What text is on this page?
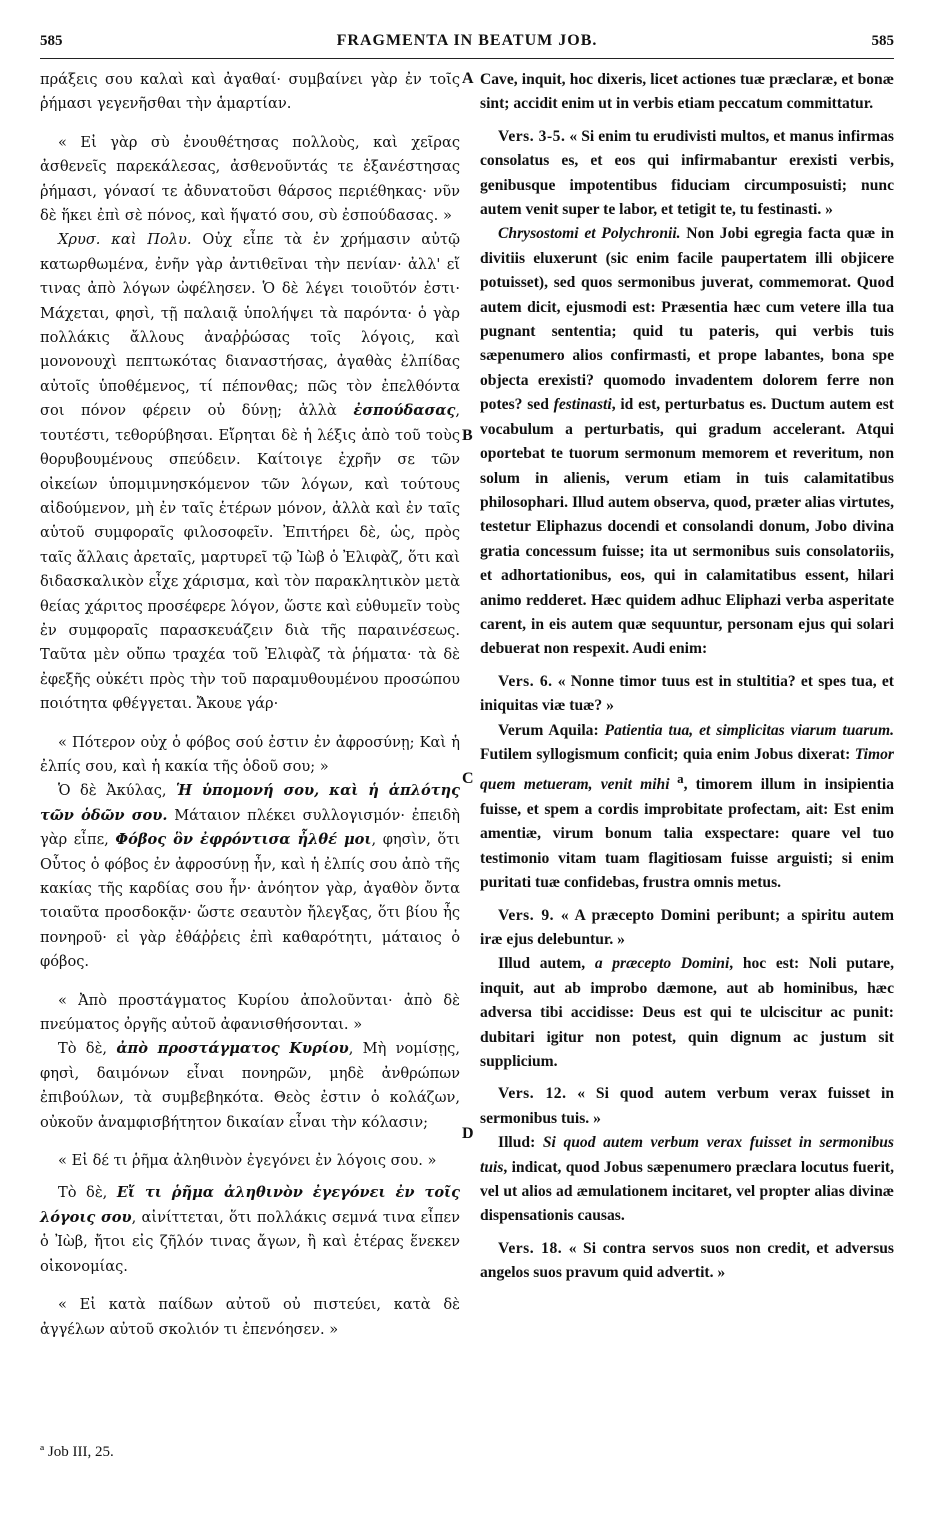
585	FRAGMENTA IN BEATUM JOB.	585
A
B
C
D

πράξεις σου καλαὶ καὶ ἀγαθαί· συμβαίνει γὰρ ἐν τοῖς ῥήμασι γεγενῆσθαι τὴν ἁμαρτίαν.

« Εἰ γὰρ σὺ ἐνουθέτησας πολλοὺς, καὶ χεῖρας ἀσθενεῖς παρεκάλεσας, ἀσθενοῦντάς τε ἐξανέστησας ῥήμασι, γόνασί τε ἀδυνατοῦσι θάρσος περιέθηκας· νῦν δὲ ἥκει ἐπὶ σὲ πόνος, καὶ ἥψατό σου, σὺ ἐσπούδασας. »

Χρυσ. καὶ Πολυ. Οὐχ εἶπε τὰ ἐν χρήμασιν αὐτῷ κατωρθωμένα, ἐνῆν γὰρ ἀντιθεῖναι τὴν πενίαν· ἀλλ' εἴ τινας ἀπὸ λόγων ὠφέλησεν. Ὁ δὲ λέγει τοιοῦτόν ἐστι· Μάχεται, φησὶ, τῇ παλαιᾷ ὑπολήψει τὰ παρόντα· ὁ γὰρ πολλάκις ἄλλους ἀναῤῥώσας τοῖς λόγοις, καὶ μονονουχὶ πεπτωκότας διαναστήσας, ἀγαθὰς ἐλπίδας αὐτοῖς ὑποθέμενος, τί πέπονθας; πῶς τὸν ἐπελθόντα σοι πόνον φέρειν οὐ δύνῃ; ἀλλὰ ἐσπούδασας, τουτέστι, τεθορύβησαι. Εἴρηται δὲ ἡ λέξις ἀπὸ τοῦ τοὺς θορυβουμένους σπεύδειν. Καίτοιγε ἐχρῆν σε τῶν οἰκείων ὑπομιμνησκόμενον τῶν λόγων, καὶ τούτους αἰδούμενον, μὴ ἐν ταῖς ἑτέρων μόνον, ἀλλὰ καὶ ἐν ταῖς αὑτοῦ συμφοραῖς φιλοσοφεῖν. Ἐπιτήρει δὲ, ὡς, πρὸς ταῖς ἄλλαις ἀρεταῖς, μαρτυρεῖ τῷ Ἰὼβ ὁ Ἐλιφὰζ, ὅτι καὶ διδασκαλικὸν εἶχε χάρισμα, καὶ τὸν παρακλητικὸν μετὰ θείας χάριτος προσέφερε λόγον, ὥστε καὶ εὐθυμεῖν τοὺς ἐν συμφοραῖς παρασκευάζειν διὰ τῆς παραινέσεως. Ταῦτα μὲν οὔπω τραχέα τοῦ Ἐλιφὰζ τὰ ῥήματα· τὰ δὲ ἐφεξῆς οὐκέτι πρὸς τὴν τοῦ παραμυθουμένου προσώπου ποιότητα φθέγγεται. Ἄκουε γάρ·

« Πότερον οὐχ ὁ φόβος σού ἐστιν ἐν ἀφροσύνῃ; Καὶ ἡ ἐλπίς σου, καὶ ἡ κακία τῆς ὁδοῦ σου; »

Ὁ δὲ Ἀκύλας, Ἡ ὑπομονή σου, καὶ ἡ ἁπλότης τῶν ὁδῶν σου. Μάταιον πλέκει συλλογισμόν· ἐπειδὴ γὰρ εἶπε, Φόβος ὃν ἐφρόντισα ἦλθέ μοι, φησὶν, ὅτι Οὗτος ὁ φόβος ἐν ἀφροσύνῃ ἦν, καὶ ἡ ἐλπίς σου ἀπὸ τῆς κακίας τῆς καρδίας σου ἦν· ἀνόητον γὰρ, ἀγαθὸν ὄντα τοιαῦτα προσδοκᾷν· ὥστε σεαυτὸν ἤλεγξας, ὅτι βίου ἦς πονηροῦ· εἰ γὰρ ἐθάῤῥεις ἐπὶ καθαρότητι, μάταιος ὁ φόβος.

« Ἀπὸ προστάγματος Κυρίου ἀπολοῦνται· ἀπὸ δὲ πνεύματος ὀργῆς αὐτοῦ ἀφανισθήσονται. »

Τὸ δὲ, ἀπὸ προστάγματος Κυρίου, Μὴ νομίσῃς, φησὶ, δαιμόνων εἶναι πονηρῶν, μηδὲ ἀνθρώπων ἐπιβούλων, τὰ συμβεβηκότα. Θεὸς ἐστιν ὁ κολάζων, οὐκοῦν ἀναμφισβήτητον δικαίαν εἶναι τὴν κόλασιν;

« Εἰ δέ τι ῥῆμα ἀληθινὸν ἐγεγόνει ἐν λόγοις σου. »

Τὸ δὲ, Εἴ τι ῥῆμα ἀληθινὸν ἐγεγόνει ἐν τοῖς λόγοις σου, αἰνίττεται, ὅτι πολλάκις σεμνά τινα εἶπεν ὁ Ἰὼβ, ἤτοι εἰς ζῆλόν τινας ἄγων, ἢ καὶ ἑτέρας ἕνεκεν οἰκονομίας.

« Εἰ κατὰ παίδων αὐτοῦ οὐ πιστεύει, κατὰ δὲ ἀγγέλων αὐτοῦ σκολιόν τι ἐπενόησεν. »

Cave, inquit, hoc dixeris, licet actiones tuæ præclaræ, et bonæ sint; accidit enim ut in verbis etiam peccatum committatur.

Vers. 3-5. « Si enim tu erudivisti multos, et manus infirmas consolatus es, et eos qui infirmabantur erexisti verbis, genibusque impotentibus fiduciam circumposuisti; nunc autem venit super te labor, et tetigit te, tu festinasti. »

Chrysostomi et Polychronii. Non Jobi egregia facta quæ in divitiis eluxerunt (sic enim facile paupertatem illi objicere potuisset), sed quos sermonibus juverat, commemorat. Quod autem dicit, ejusmodi est: Præsentia hæc cum vetere illa tua pugnant sententia; quid tu pateris, qui verbis tuis sæpenumero alios confirmasti, et prope labantes, bona spe objecta erexisti? quomodo invadentem dolorem ferre non potes? sed festinasti, id est, perturbatus es. Ductum autem est vocabulum a perturbatis, qui gradum accelerant. Atqui oportebat te tuorum sermonum memorem et reveritum, non solum in alienis, verum etiam in tuis calamitatibus philosophari. Illud autem observa, quod, præter alias virtutes, testetur Eliphazus docendi et consolandi donum, Jobo divina gratia concessum fuisse; ita ut sermonibus suis consolatoriis, et adhortationibus, eos, qui in calamitatibus essent, hilari animo redderet. Hæc quidem adhuc Eliphazi verba asperitate carent, in eis autem quæ sequuntur, personam ejus qui solari debuerat non respexit. Audi enim:

Vers. 6. « Nonne timor tuus est in stultitia? et spes tua, et iniquitas viæ tuæ? »

Verum Aquila: Patientia tua, et simplicitas viarum tuarum. Futilem syllogismum conficit; quia enim Jobus dixerat: Timor quem metueram, venit mihi $^a$, timorem illum in insipientia fuisse, et spem a cordis improbitate profectam, ait: Est enim amentiæ, virum bonum talia exspectare: quare vel tuo testimonio vitam tuam flagitiosam fuisse arguisti; si enim puritati tuæ confidebas, frustra omnis metus.

Vers. 9. « A præcepto Domini peribunt; a spiritu autem iræ ejus delebuntur. »

Illud autem, a præcepto Domini, hoc est: Noli putare, inquit, aut ab improbo dæmone, aut ab hominibus, hæc adversa tibi accidisse: Deus est qui te ulciscitur ac punit: dubitari igitur non potest, quin dignum ac justum sit supplicium.

Vers. 12. « Si quod autem verbum verax fuisset in sermonibus tuis. »

Illud: Si quod autem verbum verax fuisset in sermonibus tuis, indicat, quod Jobus sæpenumero præclara locutus fuerit, vel ut alios ad æmulationem incitaret, vel propter alias divinæ dispensationis causas.

Vers. 18. « Si contra servos suos non credit, et adversus angelos suos pravum quid advertit. »

ª Job III, 25.
